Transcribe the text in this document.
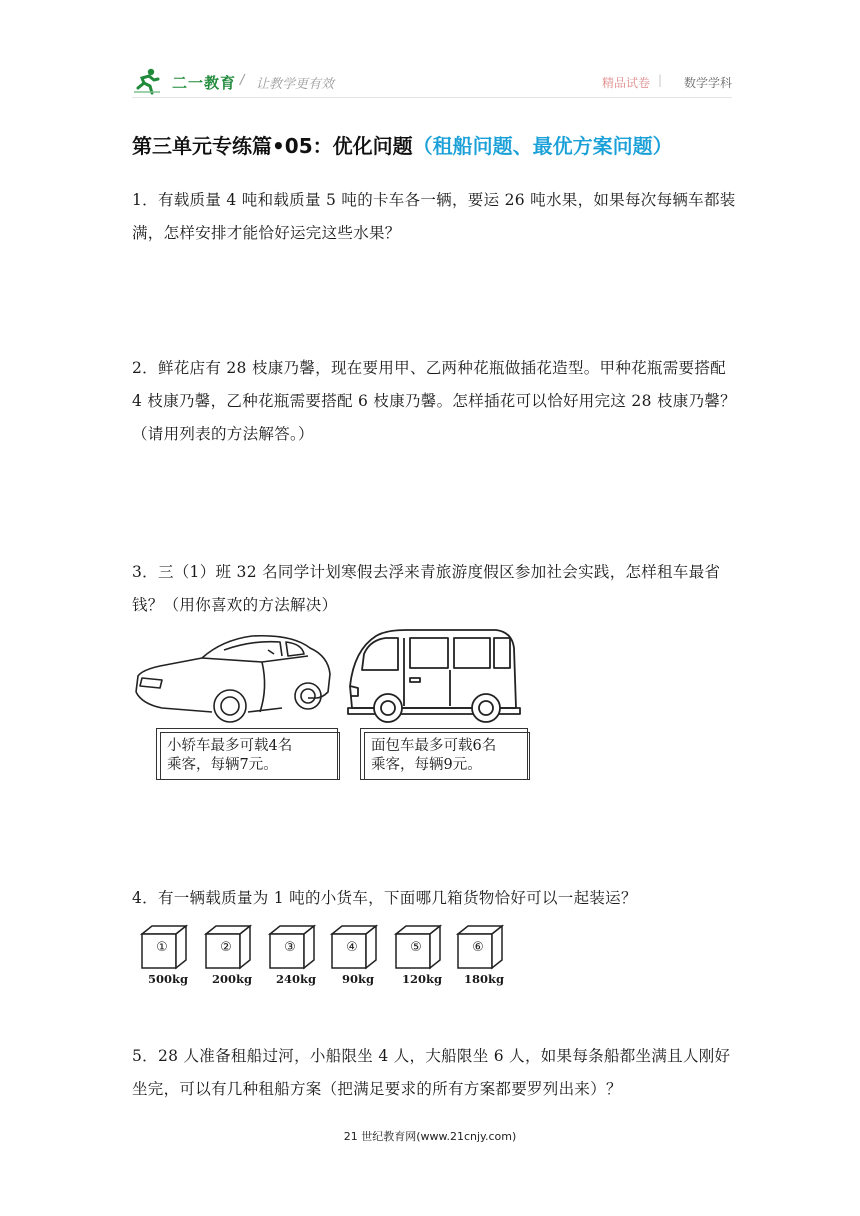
二一教育 / 让教学更有效	精品试卷 | 数学学科
第三单元专练篇•05：优化问题（租船问题、最优方案问题）
1．有载质量 4 吨和载质量 5 吨的卡车各一辆，要运 26 吨水果，如果每次每辆车都装满，怎样安排才能恰好运完这些水果？
2．鲜花店有 28 枝康乃馨，现在要用甲、乙两种花瓶做插花造型。甲种花瓶需要搭配 4 枝康乃馨，乙种花瓶需要搭配 6 枝康乃馨。怎样插花可以恰好用完这 28 枝康乃馨？（请用列表的方法解答。）
3．三（1）班 32 名同学计划寒假去浮来青旅游度假区参加社会实践，怎样租车最省钱？（用你喜欢的方法解决）
小轿车最多可载4名
乘客，每辆7元。
面包车最多可载6名
乘客，每辆9元。
4．有一辆载质量为 1 吨的小货车，下面哪几箱货物恰好可以一起装运？
①
500kg
②
200kg
③
240kg
④
90kg
⑤
120kg
⑥
180kg
5．28 人准备租船过河，小船限坐 4 人，大船限坐 6 人，如果每条船都坐满且人刚好坐完，可以有几种租船方案（把满足要求的所有方案都要罗列出来）？
21 世纪教育网(www.21cnjy.com)
